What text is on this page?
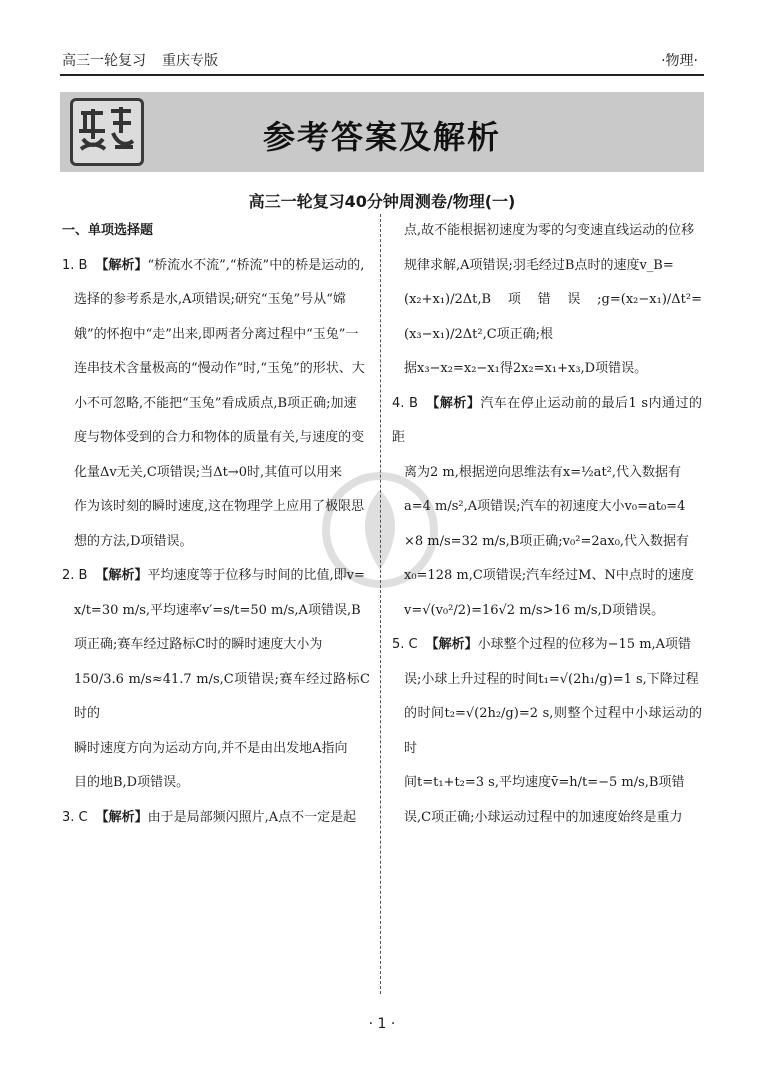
高三一轮复习 重庆专版	·物理·
参考答案及解析
高三一轮复习40分钟周测卷/物理(一)

一、单项选择题

1. B 【解析】“桥流水不流”,“桥流”中的桥是运动的,

选择的参考系是水,A项错误;研究“玉兔”号从“嫦

娥”的怀抱中“走”出来,即两者分离过程中“玉兔”一

连串技术含量极高的“慢动作”时,“玉兔”的形状、大

小不可忽略,不能把“玉兔”看成质点,B项正确;加速

度与物体受到的合力和物体的质量有关,与速度的变

化量Δv无关,C项错误;当Δt→0时,其值可以用来

作为该时刻的瞬时速度,这在物理学上应用了极限思

想的方法,D项错误。

2. B 【解析】平均速度等于位移与时间的比值,即v=

x/t=30 m/s,平均速率v′=s/t=50 m/s,A项错误,B

项正确;赛车经过路标C时的瞬时速度大小为

150/3.6 m/s≈41.7 m/s,C项错误;赛车经过路标C时的

瞬时速度方向为运动方向,并不是由出发地A指向

目的地B,D项错误。

3. C 【解析】由于是局部频闪照片,A点不一定是起

点,故不能根据初速度为零的匀变速直线运动的位移

规律求解,A项错误;羽毛经过B点时的速度v_B=

(x₂+x₁)/2Δt,B项错误;g=(x₂−x₁)/Δt²=(x₃−x₁)/2Δt²,C项正确;根

据x₃−x₂=x₂−x₁得2x₂=x₁+x₃,D项错误。

4. B 【解析】汽车在停止运动前的最后1 s内通过的距

离为2 m,根据逆向思维法有x=½at²,代入数据有

a=4 m/s²,A项错误;汽车的初速度大小v₀=at₀=4

×8 m/s=32 m/s,B项正确;v₀²=2ax₀,代入数据有

x₀=128 m,C项错误;汽车经过M、N中点时的速度

v=√(v₀²/2)=16√2 m/s>16 m/s,D项错误。

5. C 【解析】小球整个过程的位移为−15 m,A项错

误;小球上升过程的时间t₁=√(2h₁/g)=1 s,下降过程

的时间t₂=√(2h₂/g)=2 s,则整个过程中小球运动的时

间t=t₁+t₂=3 s,平均速度v̄=h/t=−5 m/s,B项错

误,C项正确;小球运动过程中的加速度始终是重力

· 1 ·
